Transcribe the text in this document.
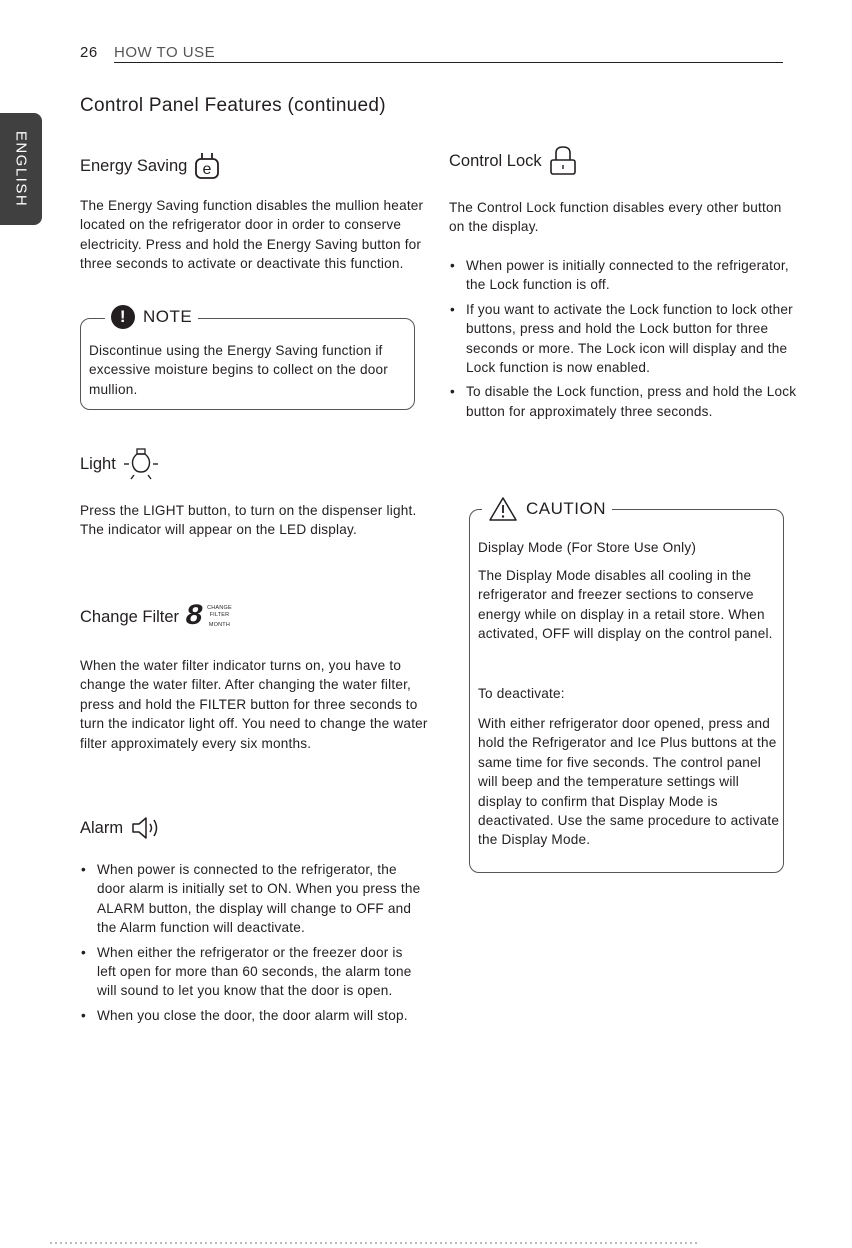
26 HOW TO USE
ENGLISH
Control Panel Features (continued)
Energy Saving e
The Energy Saving function disables the mullion heater located on the refrigerator door in order to conserve electricity. Press and hold the Energy Saving button for three seconds to activate or deactivate this function.
! NOTE
Discontinue using the Energy Saving function if excessive moisture begins to collect on the door mullion.
Light
Press the LIGHT button, to turn on the dispenser light. The indicator will appear on the LED display.
Change Filter 8 CHANGE
FILTER
MONTH
When the water filter indicator turns on, you have to change the water filter. After changing the water filter, press and hold the FILTER button for three seconds to turn the indicator light off. You need to change the water filter approximately every six months.
Alarm
• When power is connected to the refrigerator, the door alarm is initially set to ON. When you press the ALARM button, the display will change to OFF and the Alarm function will deactivate.
• When either the refrigerator or the freezer door is left open for more than 60 seconds, the alarm tone will sound to let you know that the door is open.
• When you close the door, the door alarm will stop.
Control Lock
The Control Lock function disables every other button on the display.
• When power is initially connected to the refrigerator, the Lock function is off.
• If you want to activate the Lock function to lock other buttons, press and hold the Lock button for three seconds or more. The Lock icon will display and the Lock function is now enabled.
• To disable the Lock function, press and hold the Lock button for approximately three seconds.
CAUTION
Display Mode (For Store Use Only)
The Display Mode disables all cooling in the refrigerator and freezer sections to conserve energy while on display in a retail store. When activated, OFF will display on the control panel.
To deactivate:
With either refrigerator door opened, press and hold the Refrigerator and Ice Plus buttons at the same time for five seconds. The control panel will beep and the temperature settings will display to confirm that Display Mode is deactivated. Use the same procedure to activate the Display Mode.
